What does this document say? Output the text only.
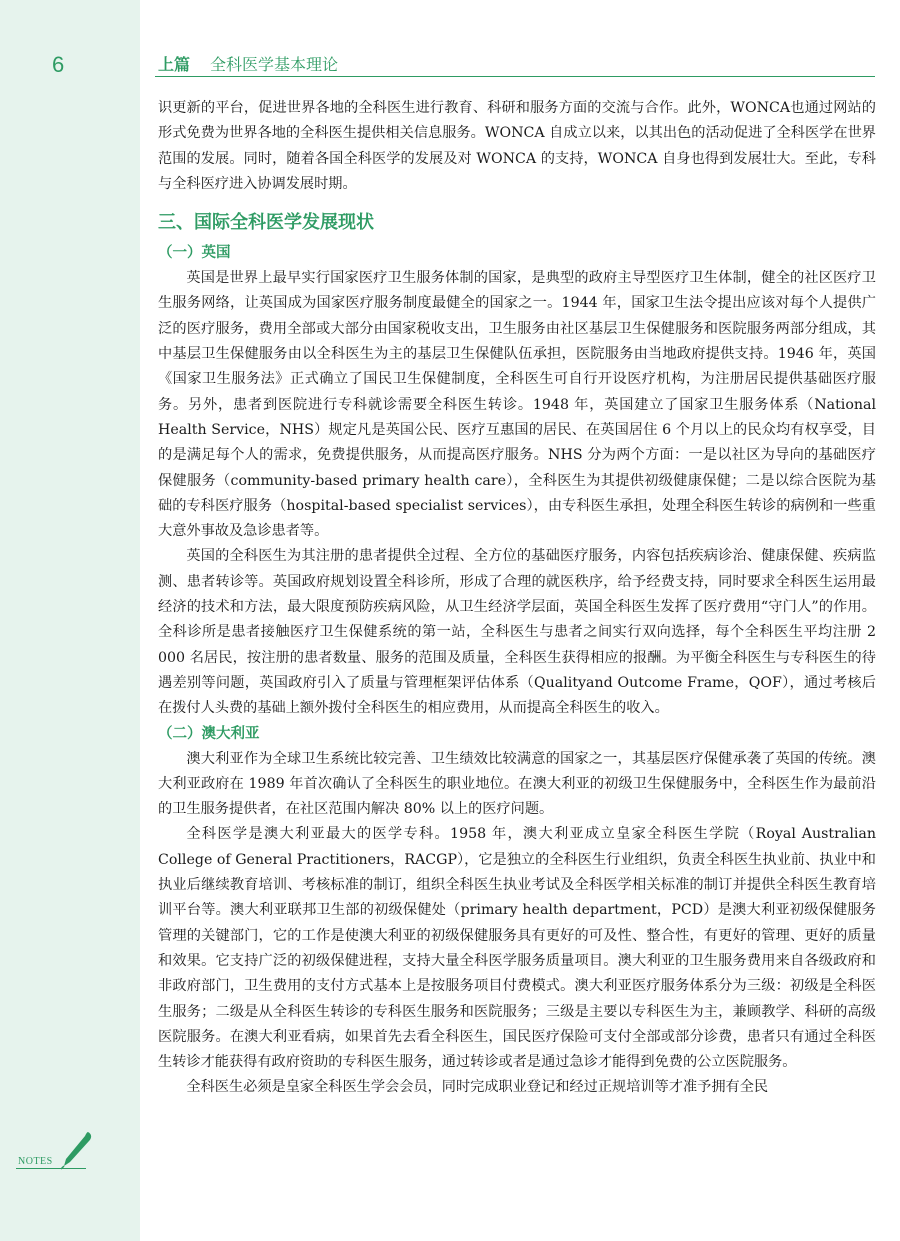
6	上篇 全科医学基本理论

识更新的平台，促进世界各地的全科医生进行教育、科研和服务方面的交流与合作。此外，WONCA也通过网站的形式免费为世界各地的全科医生提供相关信息服务。WONCA 自成立以来，以其出色的活动促进了全科医学在世界范围的发展。同时，随着各国全科医学的发展及对 WONCA 的支持，WONCA 自身也得到发展壮大。至此，专科与全科医疗进入协调发展时期。

三、国际全科医学发展现状
（一）英国

英国是世界上最早实行国家医疗卫生服务体制的国家，是典型的政府主导型医疗卫生体制，健全的社区医疗卫生服务网络，让英国成为国家医疗服务制度最健全的国家之一。1944 年，国家卫生法令提出应该对每个人提供广泛的医疗服务，费用全部或大部分由国家税收支出，卫生服务由社区基层卫生保健服务和医院服务两部分组成，其中基层卫生保健服务由以全科医生为主的基层卫生保健队伍承担，医院服务由当地政府提供支持。1946 年，英国《国家卫生服务法》正式确立了国民卫生保健制度，全科医生可自行开设医疗机构，为注册居民提供基础医疗服务。另外，患者到医院进行专科就诊需要全科医生转诊。1948 年，英国建立了国家卫生服务体系（National Health Service，NHS）规定凡是英国公民、医疗互惠国的居民、在英国居住 6 个月以上的民众均有权享受，目的是满足每个人的需求，免费提供服务，从而提高医疗服务。NHS 分为两个方面：一是以社区为导向的基础医疗保健服务（community-based primary health care），全科医生为其提供初级健康保健；二是以综合医院为基础的专科医疗服务（hospital-based specialist services），由专科医生承担，处理全科医生转诊的病例和一些重大意外事故及急诊患者等。

英国的全科医生为其注册的患者提供全过程、全方位的基础医疗服务，内容包括疾病诊治、健康保健、疾病监测、患者转诊等。英国政府规划设置全科诊所，形成了合理的就医秩序，给予经费支持，同时要求全科医生运用最经济的技术和方法，最大限度预防疾病风险，从卫生经济学层面，英国全科医生发挥了医疗费用“守门人”的作用。全科诊所是患者接触医疗卫生保健系统的第一站，全科医生与患者之间实行双向选择，每个全科医生平均注册 2 000 名居民，按注册的患者数量、服务的范围及质量，全科医生获得相应的报酬。为平衡全科医生与专科医生的待遇差别等问题，英国政府引入了质量与管理框架评估体系（Qualityand Outcome Frame，QOF），通过考核后在拨付人头费的基础上额外拨付全科医生的相应费用，从而提高全科医生的收入。

（二）澳大利亚

澳大利亚作为全球卫生系统比较完善、卫生绩效比较满意的国家之一，其基层医疗保健承袭了英国的传统。澳大利亚政府在 1989 年首次确认了全科医生的职业地位。在澳大利亚的初级卫生保健服务中，全科医生作为最前沿的卫生服务提供者，在社区范围内解决 80% 以上的医疗问题。

全科医学是澳大利亚最大的医学专科。1958 年，澳大利亚成立皇家全科医生学院（Royal Australian College of General Practitioners，RACGP），它是独立的全科医生行业组织，负责全科医生执业前、执业中和执业后继续教育培训、考核标准的制订，组织全科医生执业考试及全科医学相关标准的制订并提供全科医生教育培训平台等。澳大利亚联邦卫生部的初级保健处（primary health department，PCD）是澳大利亚初级保健服务管理的关键部门，它的工作是使澳大利亚的初级保健服务具有更好的可及性、整合性，有更好的管理、更好的质量和效果。它支持广泛的初级保健进程，支持大量全科医学服务质量项目。澳大利亚的卫生服务费用来自各级政府和非政府部门，卫生费用的支付方式基本上是按服务项目付费模式。澳大利亚医疗服务体系分为三级：初级是全科医生服务；二级是从全科医生转诊的专科医生服务和医院服务；三级是主要以专科医生为主，兼顾教学、科研的高级医院服务。在澳大利亚看病，如果首先去看全科医生，国民医疗保险可支付全部或部分诊费，患者只有通过全科医生转诊才能获得有政府资助的专科医生服务，通过转诊或者是通过急诊才能得到免费的公立医院服务。

全科医生必须是皇家全科医生学会会员，同时完成职业登记和经过正规培训等才准予拥有全民

NOTES
